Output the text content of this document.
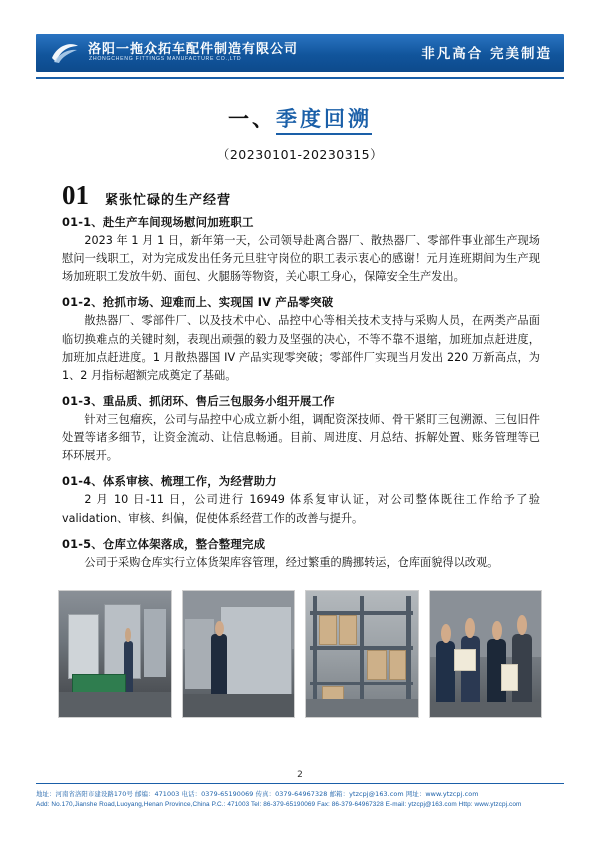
洛阳一拖众拓车配件制造有限公司
ZHONGCHENG FITTINGS MANUFACTURE CO.,LTD	非凡高合 完美制造
一、季度回溯
（20230101-20230315）
01 紧张忙碌的生产经营
01-1、赴生产车间现场慰问加班职工
2023 年 1 月 1 日，新年第一天，公司领导赴离合器厂、散热器厂、零部件事业部生产现场慰问一线职工，对为完成发出任务元旦驻守岗位的职工表示衷心的感谢！元月连班期间为生产现场加班职工发放牛奶、面包、火腿肠等物资，关心职工身心，保障安全生产发出。
01-2、抢抓市场、迎难而上、实现国 IV 产品零突破
散热器厂、零部件厂、以及技术中心、品控中心等相关技术支持与采购人员，在两类产品面临切换难点的关键时刻，表现出顽强的毅力及坚强的决心，不等不靠不退缩，加班加点赶进度，加班加点赶进度。1 月散热器国 IV 产品实现零突破；零部件厂实现当月发出 220 万新高点，为 1、2 月指标超额完成奠定了基础。
01-3、重品质、抓闭环、售后三包服务小组开展工作
针对三包瘤疾，公司与品控中心成立新小组，调配资深技师、骨干紧盯三包溯源、三包旧件处置等诸多细节，让资金流动、让信息畅通。目前、周进度、月总结、拆解处置、账务管理等已环环展开。
01-4、体系审核、梳理工作，为经营助力
2 月 10 日-11 日，公司进行 16949 体系复审认证，对公司整体既往工作给予了验validation、审核、纠偏，促使体系经营工作的改善与提升。
01-5、仓库立体架落成，整合整理完成
公司于采购仓库实行立体货架库容管理，经过繁重的腾挪转运，仓库面貌得以改观。
2
地址：河南省洛阳市建设路170号 邮编：471003 电话：0379-65190069 传真：0379-64967328 邮箱：ytzcpj@163.com 网址：www.ytzcpj.com
Add: No.170,Jianshe Road,Luoyang,Henan Province,China P.C.: 471003 Tel: 86-379-65190069 Fax: 86-379-64967328 E-mail: ytzcpj@163.com Http: www.ytzcpj.com
